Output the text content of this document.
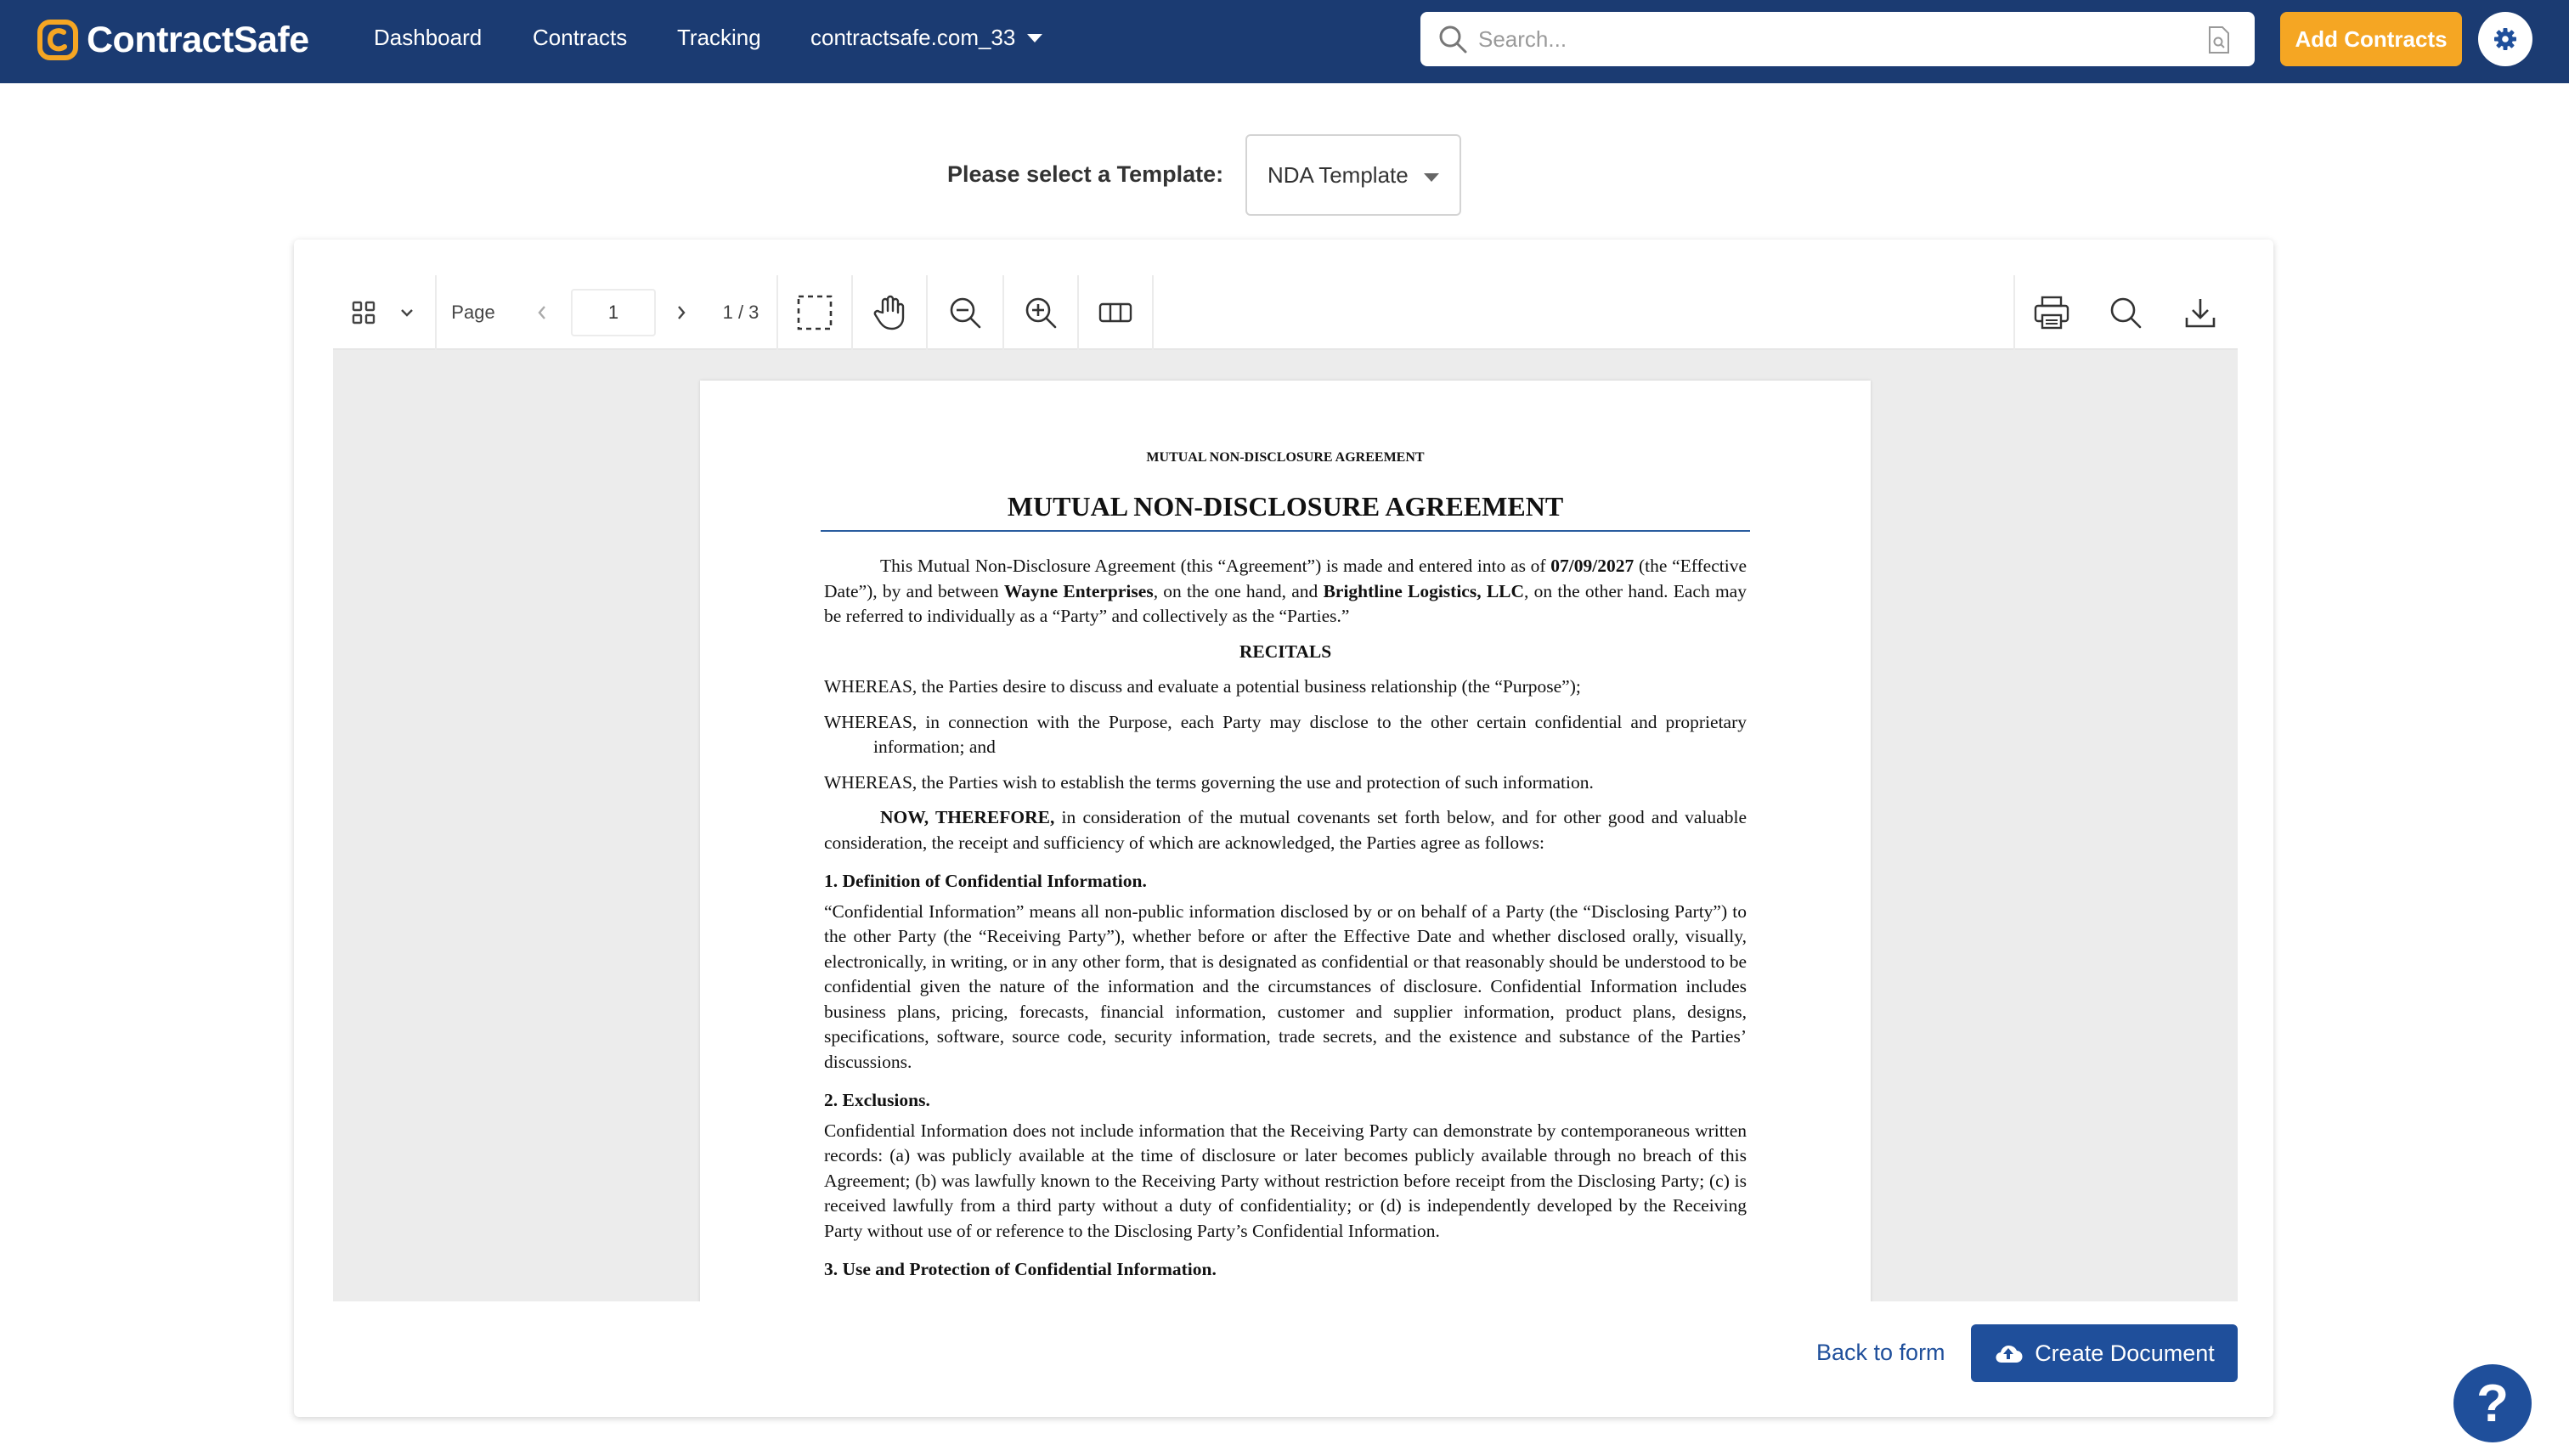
ContractSafe	Dashboard Contracts Tracking contractsafe.com_33
Search...	Add Contracts
Please select a Template: NDA Template
Page
1	1 / 3
MUTUAL NON-DISCLOSURE AGREEMENT
MUTUAL NON-DISCLOSURE AGREEMENT

This Mutual Non-Disclosure Agreement (this “Agreement”) is made and entered into as of 07/09/2027 (the “Effective Date”), by and between Wayne Enterprises, on the one hand, and Brightline Logistics, LLC, on the other hand. Each may be referred to individually as a “Party” and collectively as the “Parties.”

RECITALS

WHEREAS, the Parties desire to discuss and evaluate a potential business relationship (the “Purpose”);

WHEREAS, in connection with the Purpose, each Party may disclose to the other certain confidential and proprietary information; and

WHEREAS, the Parties wish to establish the terms governing the use and protection of such information.

NOW, THEREFORE, in consideration of the mutual covenants set forth below, and for other good and valuable consideration, the receipt and sufficiency of which are acknowledged, the Parties agree as follows:

1. Definition of Confidential Information.

“Confidential Information” means all non-public information disclosed by or on behalf of a Party (the “Disclosing Party”) to the other Party (the “Receiving Party”), whether before or after the Effective Date and whether disclosed orally, visually, electronically, in writing, or in any other form, that is designated as confidential or that reasonably should be understood to be confidential given the nature of the information and the circumstances of disclosure. Confidential Information includes business plans, pricing, forecasts, financial information, customer and supplier information, product plans, designs, specifications, software, source code, security information, trade secrets, and the existence and substance of the Parties’ discussions.

2. Exclusions.

Confidential Information does not include information that the Receiving Party can demonstrate by contemporaneous written records: (a) was publicly available at the time of disclosure or later becomes publicly available through no breach of this Agreement; (b) was lawfully known to the Receiving Party without restriction before receipt from the Disclosing Party; (c) is received lawfully from a third party without a duty of confidentiality; or (d) is independently developed by the Receiving Party without use of or reference to the Disclosing Party’s Confidential Information.

3. Use and Protection of Confidential Information.

Back to form	Create Document
?
